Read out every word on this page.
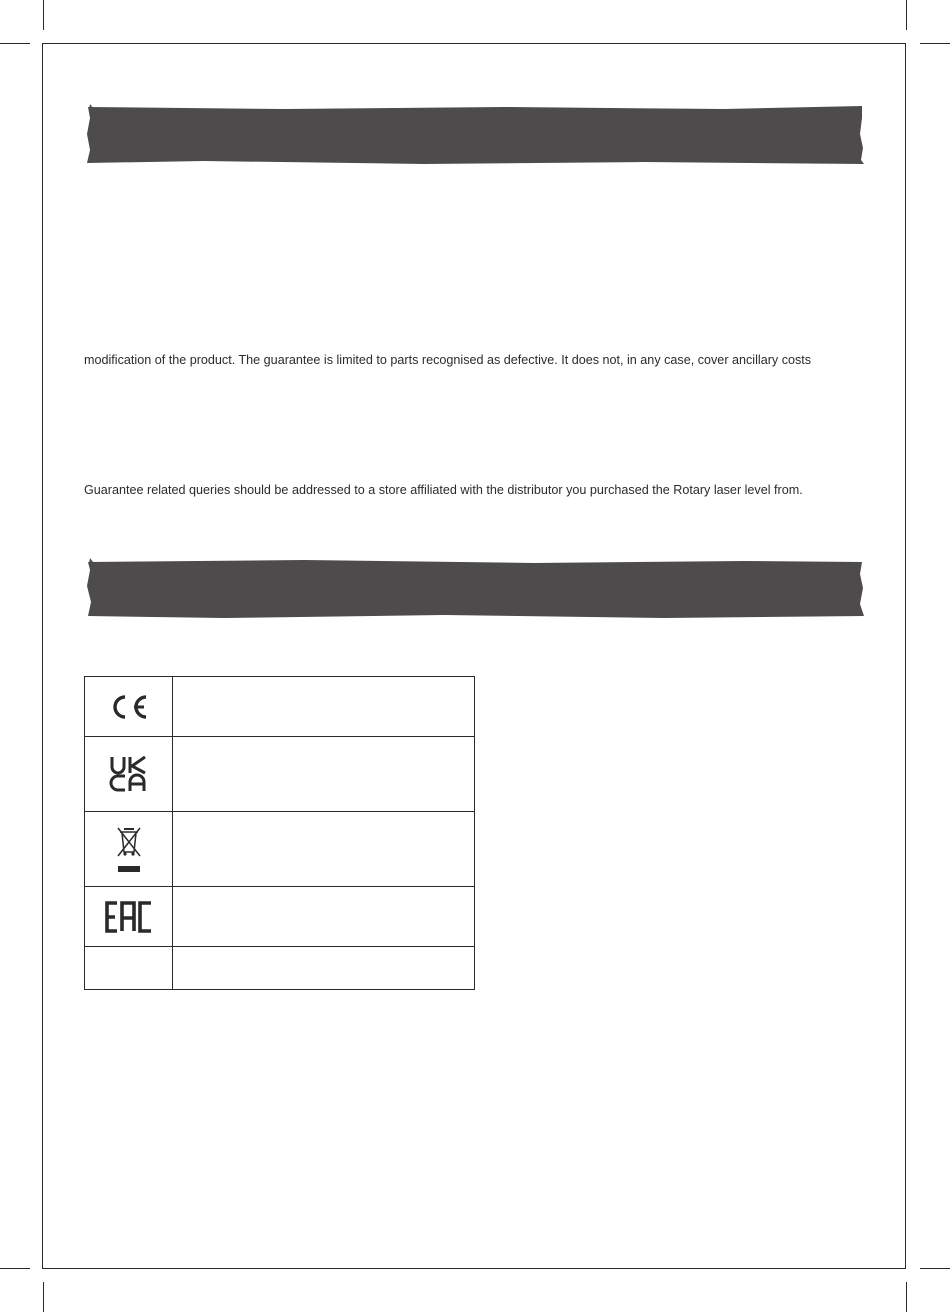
modification of the product. The guarantee is limited to parts recognised as defective. It does not, in any case, cover ancillary costs
Guarantee related queries should be addressed to a store affiliated with the distributor you purchased the Rotary laser level from.
